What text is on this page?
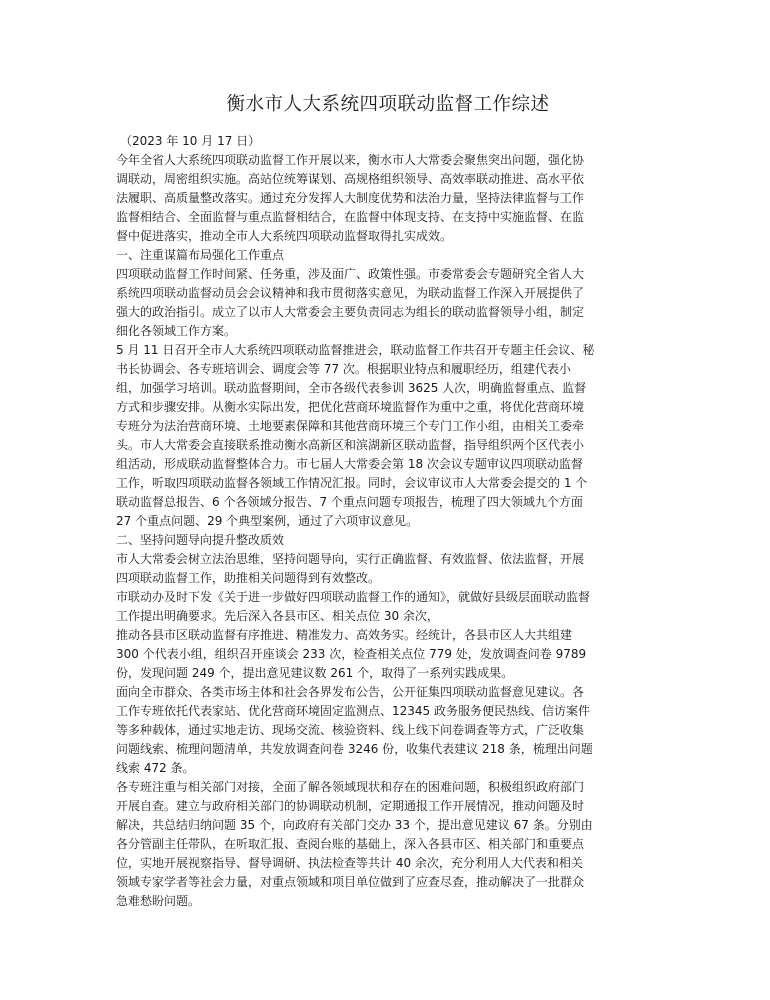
衡水市人大系统四项联动监督工作综述

（2023 年 10 月 17 日）

今年全省人大系统四项联动监督工作开展以来，衡水市人大常委会聚焦突出问题，强化协

调联动，周密组织实施。高站位统筹谋划、高规格组织领导、高效率联动推进、高水平依

法履职、高质量整改落实。通过充分发挥人大制度优势和法治力量，坚持法律监督与工作

监督相结合、全面监督与重点监督相结合，在监督中体现支持、在支持中实施监督、在监

督中促进落实，推动全市人大系统四项联动监督取得扎实成效。

一、注重谋篇布局强化工作重点

四项联动监督工作时间紧、任务重，涉及面广、政策性强。市委常委会专题研究全省人大

系统四项联动监督动员会会议精神和我市贯彻落实意见，为联动监督工作深入开展提供了

强大的政治指引。成立了以市人大常委会主要负责同志为组长的联动监督领导小组，制定

细化各领域工作方案。

5 月 11 日召开全市人大系统四项联动监督推进会，联动监督工作共召开专题主任会议、秘

书长协调会、各专班培训会、调度会等 77 次。根据职业特点和履职经历，组建代表小

组，加强学习培训。联动监督期间，全市各级代表参训 3625 人次，明确监督重点、监督

方式和步骤安排。从衡水实际出发，把优化营商环境监督作为重中之重，将优化营商环境

专班分为法治营商环境、土地要素保障和其他营商环境三个专门工作小组，由相关工委牵

头。市人大常委会直接联系推动衡水高新区和滨湖新区联动监督，指导组织两个区代表小

组活动，形成联动监督整体合力。市七届人大常委会第 18 次会议专题审议四项联动监督

工作，听取四项联动监督各领域工作情况汇报。同时，会议审议市人大常委会提交的 1 个

联动监督总报告、6 个各领域分报告、7 个重点问题专项报告，梳理了四大领域九个方面

27 个重点问题、29 个典型案例，通过了六项审议意见。

二、坚持问题导向提升整改质效

市人大常委会树立法治思维，坚持问题导向，实行正确监督、有效监督、依法监督，开展

四项联动监督工作，助推相关问题得到有效整改。

市联动办及时下发《关于进一步做好四项联动监督工作的通知》，就做好县级层面联动监督

工作提出明确要求。先后深入各县市区、相关点位 30 余次，

推动各县市区联动监督有序推进、精准发力、高效务实。经统计，各县市区人大共组建

300 个代表小组，组织召开座谈会 233 次，检查相关点位 779 处，发放调查问卷 9789

份，发现问题 249 个，提出意见建议数 261 个，取得了一系列实践成果。

面向全市群众、各类市场主体和社会各界发布公告，公开征集四项联动监督意见建议。各

工作专班依托代表家站、优化营商环境固定监测点、12345 政务服务便民热线、信访案件

等多种载体，通过实地走访、现场交流、核验资料、线上线下问卷调查等方式，广泛收集

问题线索、梳理问题清单，共发放调查问卷 3246 份，收集代表建议 218 条，梳理出问题

线索 472 条。

各专班注重与相关部门对接，全面了解各领域现状和存在的困难问题，积极组织政府部门

开展自查。建立与政府相关部门的协调联动机制，定期通报工作开展情况，推动问题及时

解决，共总结归纳问题 35 个，向政府有关部门交办 33 个，提出意见建议 67 条。分别由

各分管副主任带队，在听取汇报、查阅台账的基础上，深入各县市区、相关部门和重要点

位，实地开展视察指导、督导调研、执法检查等共计 40 余次，充分利用人大代表和相关

领域专家学者等社会力量，对重点领域和项目单位做到了应查尽查，推动解决了一批群众

急难愁盼问题。
